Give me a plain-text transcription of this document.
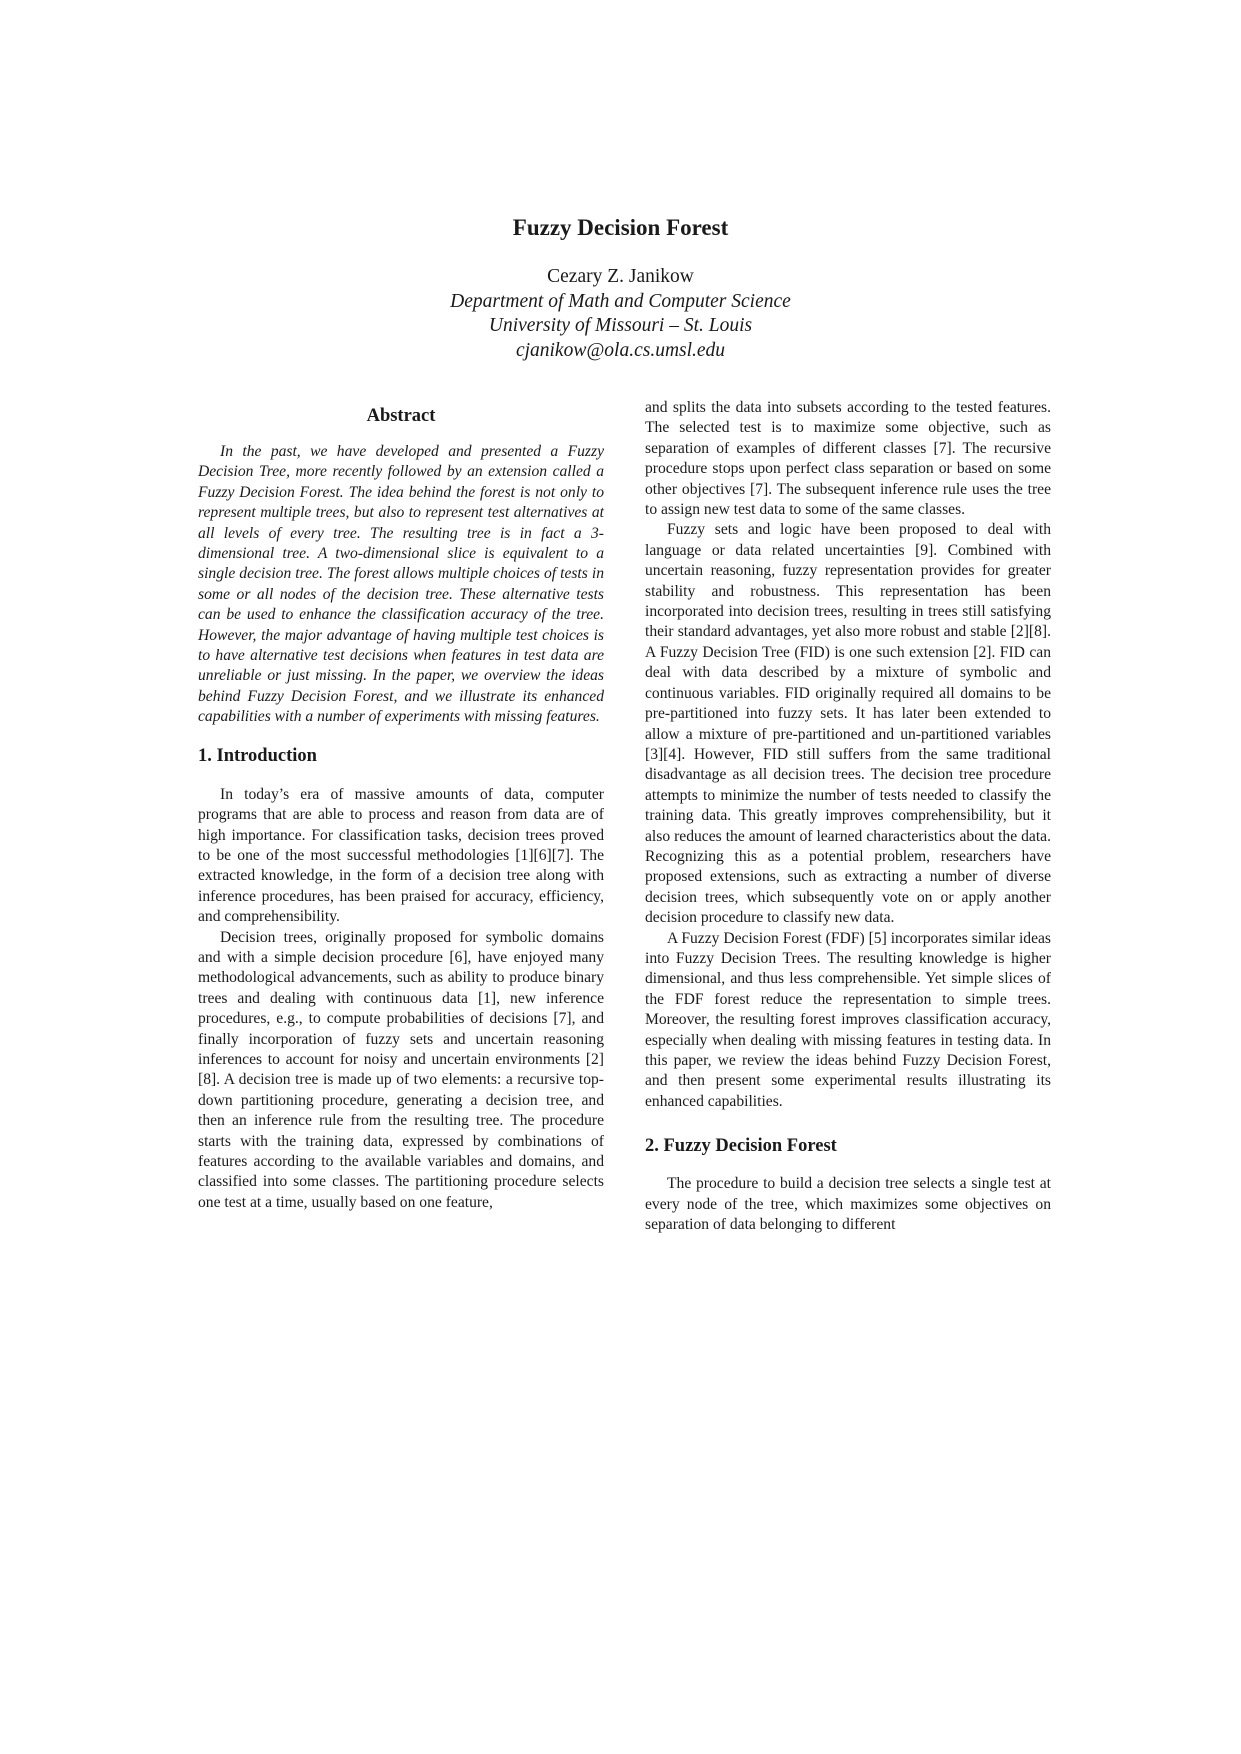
Fuzzy Decision Forest
Cezary Z. Janikow
Department of Math and Computer Science
University of Missouri – St. Louis
cjanikow@ola.cs.umsl.edu
Abstract

In the past, we have developed and presented a Fuzzy Decision Tree, more recently followed by an extension called a Fuzzy Decision Forest. The idea behind the forest is not only to represent multiple trees, but also to represent test alternatives at all levels of every tree. The resulting tree is in fact a 3-dimensional tree. A two-dimensional slice is equivalent to a single decision tree. The forest allows multiple choices of tests in some or all nodes of the decision tree. These alternative tests can be used to enhance the classification accuracy of the tree. However, the major advantage of having multiple test choices is to have alternative test decisions when features in test data are unreliable or just missing. In the paper, we overview the ideas behind Fuzzy Decision Forest, and we illustrate its enhanced capabilities with a number of experiments with missing features.

1. Introduction

In today’s era of massive amounts of data, computer programs that are able to process and reason from data are of high importance. For classification tasks, decision trees proved to be one of the most successful methodologies [1][6][7]. The extracted knowledge, in the form of a decision tree along with inference procedures, has been praised for accuracy, efficiency, and comprehensibility.

Decision trees, originally proposed for symbolic domains and with a simple decision procedure [6], have enjoyed many methodological advancements, such as ability to produce binary trees and dealing with continuous data [1], new inference procedures, e.g., to compute probabilities of decisions [7], and finally incorporation of fuzzy sets and uncertain reasoning inferences to account for noisy and uncertain environments [2][8]. A decision tree is made up of two elements: a recursive top-down partitioning procedure, generating a decision tree, and then an inference rule from the resulting tree. The procedure starts with the training data, expressed by combinations of features according to the available variables and domains, and classified into some classes. The partitioning procedure selects one test at a time, usually based on one feature,

and splits the data into subsets according to the tested features. The selected test is to maximize some objective, such as separation of examples of different classes [7]. The recursive procedure stops upon perfect class separation or based on some other objectives [7]. The subsequent inference rule uses the tree to assign new test data to some of the same classes.

Fuzzy sets and logic have been proposed to deal with language or data related uncertainties [9]. Combined with uncertain reasoning, fuzzy representation provides for greater stability and robustness. This representation has been incorporated into decision trees, resulting in trees still satisfying their standard advantages, yet also more robust and stable [2][8]. A Fuzzy Decision Tree (FID) is one such extension [2]. FID can deal with data described by a mixture of symbolic and continuous variables. FID originally required all domains to be pre-partitioned into fuzzy sets. It has later been extended to allow a mixture of pre-partitioned and un-partitioned variables [3][4]. However, FID still suffers from the same traditional disadvantage as all decision trees. The decision tree procedure attempts to minimize the number of tests needed to classify the training data. This greatly improves comprehensibility, but it also reduces the amount of learned characteristics about the data. Recognizing this as a potential problem, researchers have proposed extensions, such as extracting a number of diverse decision trees, which subsequently vote on or apply another decision procedure to classify new data.

A Fuzzy Decision Forest (FDF) [5] incorporates similar ideas into Fuzzy Decision Trees. The resulting knowledge is higher dimensional, and thus less comprehensible. Yet simple slices of the FDF forest reduce the representation to simple trees. Moreover, the resulting forest improves classification accuracy, especially when dealing with missing features in testing data. In this paper, we review the ideas behind Fuzzy Decision Forest, and then present some experimental results illustrating its enhanced capabilities.

2. Fuzzy Decision Forest

The procedure to build a decision tree selects a single test at every node of the tree, which maximizes some objectives on separation of data belonging to different
